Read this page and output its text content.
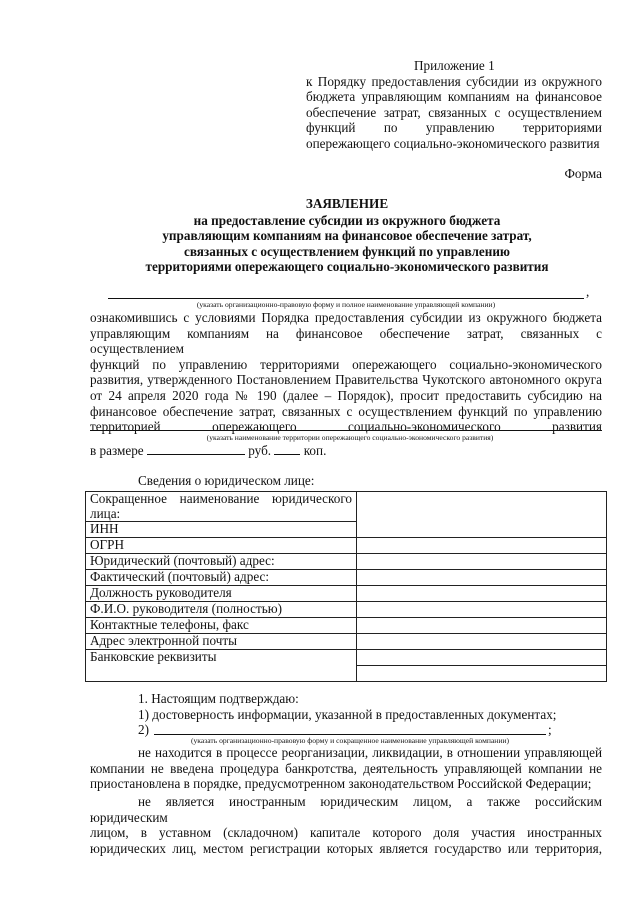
Приложение 1

к Порядку предоставления субсидии из окружного

бюджета управляющим компаниям на финансовое

обеспечение затрат, связанных с осуществлением

функций по управлению территориями

опережающего социально-экономического развития

Форма
ЗАЯВЛЕНИЕ
на предоставление субсидии из окружного бюджета
управляющим компаниям на финансовое обеспечение затрат,
связанных с осуществлением функций по управлению
территориями опережающего социально-экономического развития
,
(указать организационно-правовую форму и полное наименование управляющей компании)
ознакомившись с условиями Порядка предоставления субсидии из окружного бюджета
управляющим компаниям на финансовое обеспечение затрат, связанных с осуществлением
функций по управлению территориями опережающего социально-экономического
развития, утвержденного Постановлением Правительства Чукотского автономного округа
от 24 апреля 2020 года № 190 (далее – Порядок), просит предоставить субсидию на
финансовое обеспечение затрат, связанных с осуществлением функций по управлению
территорией опережающего социально-экономического развития
(указать наименование территории опережающего социально-экономического развития)
в размере	руб. коп.
Сведения о юридическом лице:
Сокращенное наименование юридического лица:	
ИНН	
ОГРН	
Юридический (почтовый) адрес:	
Фактический (почтовый) адрес:	
Должность руководителя	
Ф.И.О. руководителя (полностью)	
Контактные телефоны, факс	
Адрес электронной почты	
Банковские реквизиты	

1. Настоящим подтверждаю:
1) достоверность информации, указанной в предоставленных документах;
2)	;
(указать организационно-правовую форму и сокращенное наименование управляющей компании)
не находится в процессе реорганизации, ликвидации, в отношении управляющей
компании не введена процедура банкротства, деятельность управляющей компании не
приостановлена в порядке, предусмотренном законодательством Российской Федерации;
не является иностранным юридическим лицом, а также российским юридическим
лицом, в уставном (складочном) капитале которого доля участия иностранных
юридических лиц, местом регистрации которых является государство или территория,
